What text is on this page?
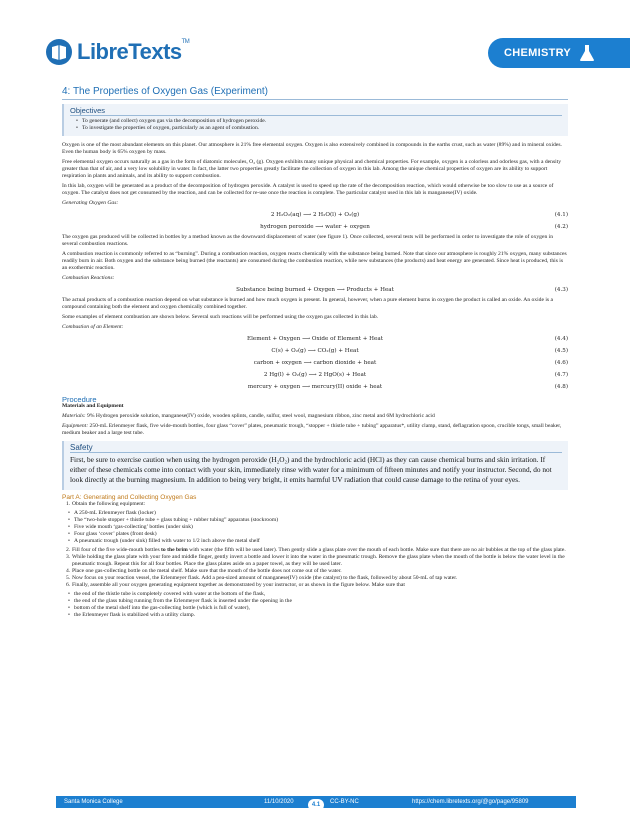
LibreTexts™
CHEMISTRY
4: The Properties of Oxygen Gas (Experiment)
Objectives
• To generate (and collect) oxygen gas via the decomposition of hydrogen peroxide.
• To investigate the properties of oxygen, particularly as an agent of combustion.

Oxygen is one of the most abundant elements on this planet. Our atmosphere is 21% free elemental oxygen. Oxygen is also extensively combined in compounds in the earths crust, such as water (89%) and in mineral oxides. Even the human body is 65% oxygen by mass.

Free elemental oxygen occurs naturally as a gas in the form of diatomic molecules, O₂ (g). Oxygen exhibits many unique physical and chemical properties. For example, oxygen is a colorless and odorless gas, with a density greater than that of air, and a very low solubility in water. In fact, the latter two properties greatly facilitate the collection of oxygen in this lab. Among the unique chemical properties of oxygen are its ability to support respiration in plants and animals, and its ability to support combustion.

In this lab, oxygen will be generated as a product of the decomposition of hydrogen peroxide. A catalyst is used to speed up the rate of the decomposition reaction, which would otherwise be too slow to use as a source of oxygen. The catalyst does not get consumed by the reaction, and can be collected for re-use once the reaction is complete. The particular catalyst used in this lab is manganese(IV) oxide.

Generating Oxygen Gas:

2 H₂O₂(aq) ⟶ 2 H₂O(l) + O₂(g)	(4.1)
hydrogen peroxide ⟶ water + oxygen	(4.2)

The oxygen gas produced will be collected in bottles by a method known as the downward displacement of water (see figure 1). Once collected, several tests will be performed in order to investigate the role of oxygen in several combustion reactions.

A combustion reaction is commonly referred to as “burning”. During a combustion reaction, oxygen reacts chemically with the substance being burned. Note that since our atmosphere is roughly 21% oxygen, many substances readily burn in air. Both oxygen and the substance being burned (the reactants) are consumed during the combustion reaction, while new substances (the products) and heat energy are generated. Since heat is produced, this is an exothermic reaction.

Combustion Reactions:

Substance being burned + Oxygen ⟶ Products + Heat	(4.3)

The actual products of a combustion reaction depend on what substance is burned and how much oxygen is present. In general, however, when a pure element burns in oxygen the product is called an oxide. An oxide is a compound containing both the element and oxygen chemically combined together.

Some examples of element combustion are shown below. Several such reactions will be performed using the oxygen gas collected in this lab.

Combustion of an Element:

Element + Oxygen ⟶ Oxide of Element + Heat	(4.4)
C(s) + O₂(g) ⟶ CO₂(g) + Heat	(4.5)
carbon + oxygen ⟶ carbon dioxide + heat	(4.6)
2 Hg(l) + O₂(g) ⟶ 2 HgO(s) + Heat	(4.7)
mercury + oxygen ⟶ mercury(II) oxide + heat	(4.8)
Procedure

Materials and Equipment

Materials: 9% Hydrogen peroxide solution, manganese(IV) oxide, wooden splints, candle, sulfur, steel wool, magnesium ribbon, zinc metal and 6M hydrochloric acid

Equipment: 250-mL Erlenmeyer flask, five wide-mouth bottles, four glass “cover” plates, pneumatic trough, “stopper + thistle tube + tubing” apparatus*, utility clamp, stand, deflagration spoon, crucible tongs, small beaker, medium beaker and a large test tube.

Safety
First, be sure to exercise caution when using the hydrogen peroxide (H₂O₂) and the hydrochloric acid (HCl) as they can cause chemical burns and skin irritation. If either of these chemicals come into contact with your skin, immediately rinse with water for a minimum of fifteen minutes and notify your instructor. Second, do not look directly at the burning magnesium. In addition to being very bright, it emits harmful UV radiation that could cause damage to the retina of your eyes.
Part A: Generating and Collecting Oxygen Gas
1. Obtain the following equipment:
• A 250-mL Erlenmeyer flask (locker)
• The “two-hole stopper + thistle tube + glass tubing + rubber tubing” apparatus (stockroom)
• Five wide mouth ‘gas-collecting’ bottles (under sink)
• Four glass ‘cover’ plates (front desk)
• A pneumatic trough (under sink) filled with water to 1/2 inch above the metal shelf
2. Fill four of the five wide-mouth bottles to the brim with water (the fifth will be used later). Then gently slide a glass plate over the mouth of each bottle. Make sure that there are no air bubbles at the top of the glass plate.
3. While holding the glass plate with your fore and middle finger, gently invert a bottle and lower it into the water in the pneumatic trough. Remove the glass plate when the mouth of the bottle is below the water level in the pneumatic trough. Repeat this for all four bottles. Place the glass plates aside on a paper towel, as they will be used later.
4. Place one gas-collecting bottle on the metal shelf. Make sure that the mouth of the bottle does not come out of the water.
5. Now focus on your reaction vessel, the Erlenmeyer flask. Add a pea-sized amount of manganese(IV) oxide (the catalyst) to the flask, followed by about 50-mL of tap water.
6. Finally, assemble all your oxygen generating equipment together as demonstrated by your instructor, or as shown in the figure below. Make sure that
• the end of the thistle tube is completely covered with water at the bottom of the flask,
• the end of the glass tubing running from the Erlenmeyer flask is inserted under the opening in the
• bottom of the metal shelf into the gas-collecting bottle (which is full of water),
• the Erlenmeyer flask is stabilized with a utility clamp.
Santa Monica College	11/10/2020	4.1	CC-BY-NC	https://chem.libretexts.org/@go/page/95809
